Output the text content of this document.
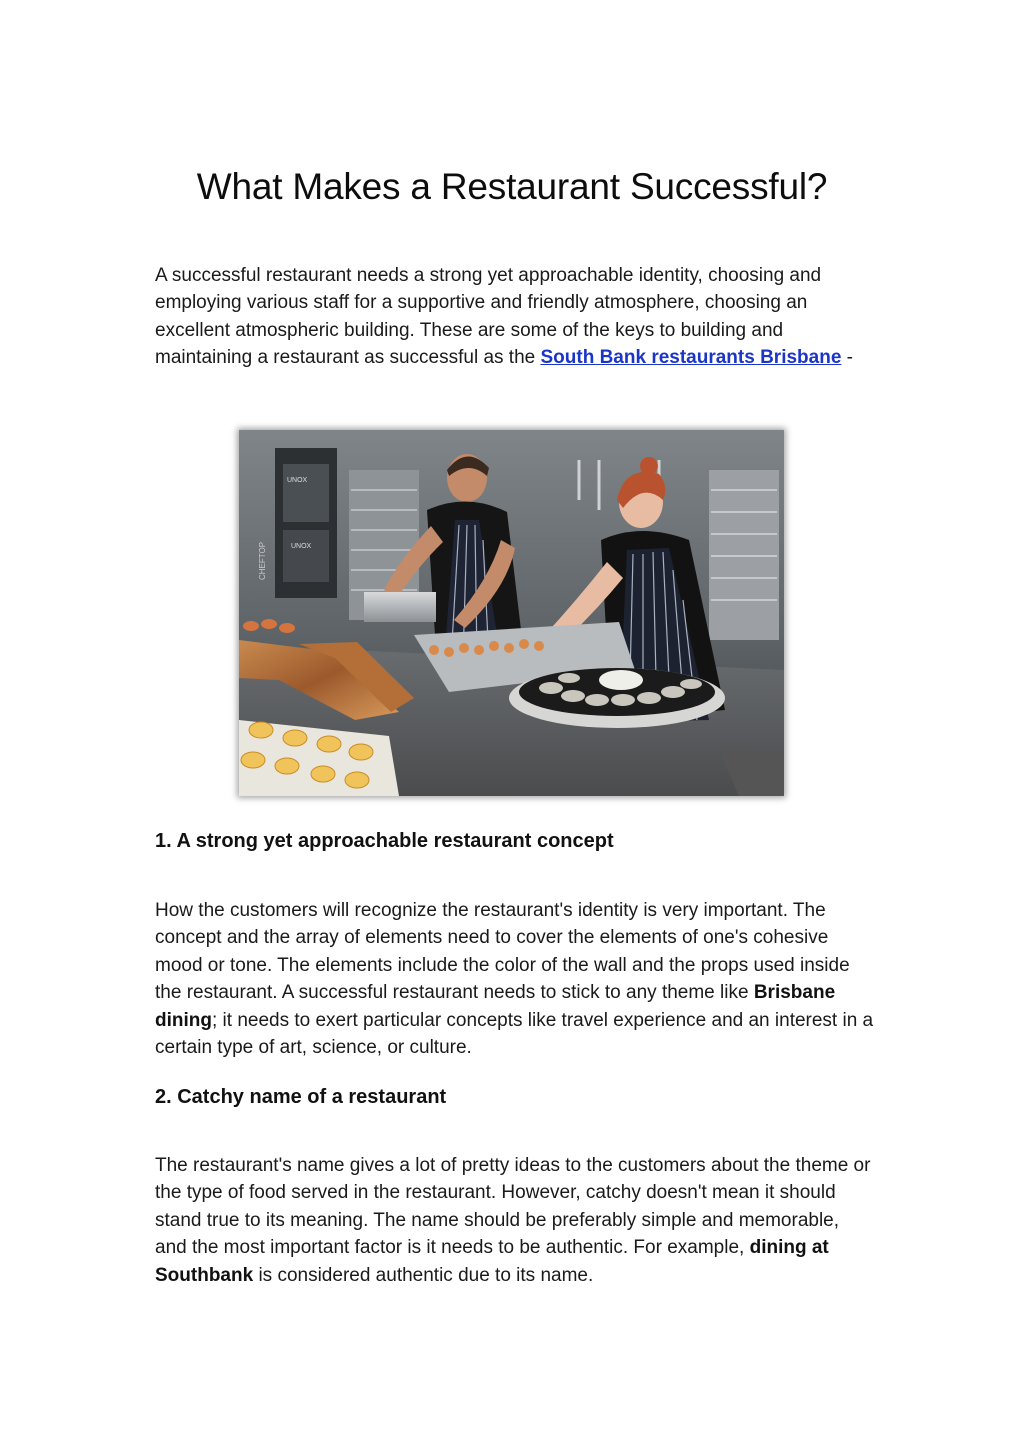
What Makes a Restaurant Successful?

A successful restaurant needs a strong yet approachable identity, choosing and employing various staff for a supportive and friendly atmosphere, choosing an excellent atmospheric building. These are some of the keys to building and maintaining a restaurant as successful as the South Bank restaurants Brisbane -

UNOX
UNOX
CHEFTOP
1. A strong yet approachable restaurant concept

How the customers will recognize the restaurant's identity is very important. The concept and the array of elements need to cover the elements of one's cohesive mood or tone. The elements include the color of the wall and the props used inside the restaurant. A successful restaurant needs to stick to any theme like Brisbane dining; it needs to exert particular concepts like travel experience and an interest in a certain type of art, science, or culture.

2. Catchy name of a restaurant

The restaurant's name gives a lot of pretty ideas to the customers about the theme or the type of food served in the restaurant. However, catchy doesn't mean it should stand true to its meaning. The name should be preferably simple and memorable, and the most important factor is it needs to be authentic. For example, dining at Southbank is considered authentic due to its name.
